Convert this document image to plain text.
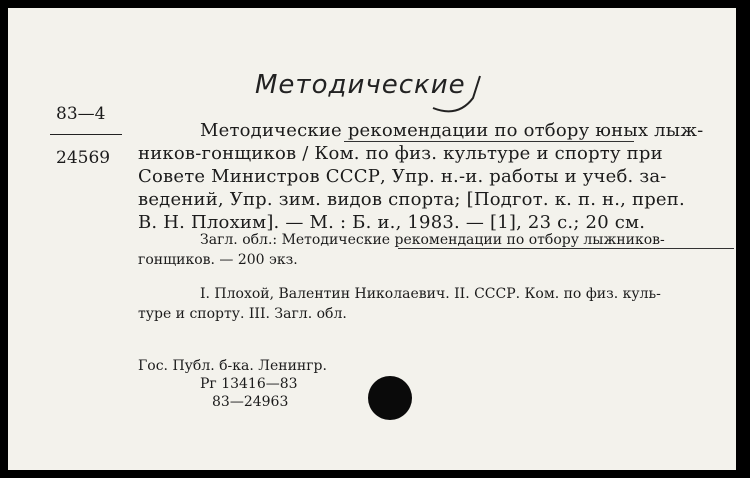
Методические
83—4
24569
Методические рекомендации по отбору юных лыж-
ников-гонщиков / Ком. по физ. культуре и спорту при
Совете Министров СССР, Упр. н.-и. работы и учеб. за-
ведений, Упр. зим. видов спорта; [Подгот. к. п. н., преп.
В. Н. Плохим]. — М. : Б. и., 1983. — [1], 23 с.; 20 см.
Загл. обл.: Методические рекомендации по отбору лыжников-
гонщиков. — 200 экз.
I. Плохой, Валентин Николаевич. II. СССР. Ком. по физ. куль-
туре и спорту. III. Загл. обл.
Гос. Публ. б-ка. Ленингр.
Рг 13416—83
83—24963
